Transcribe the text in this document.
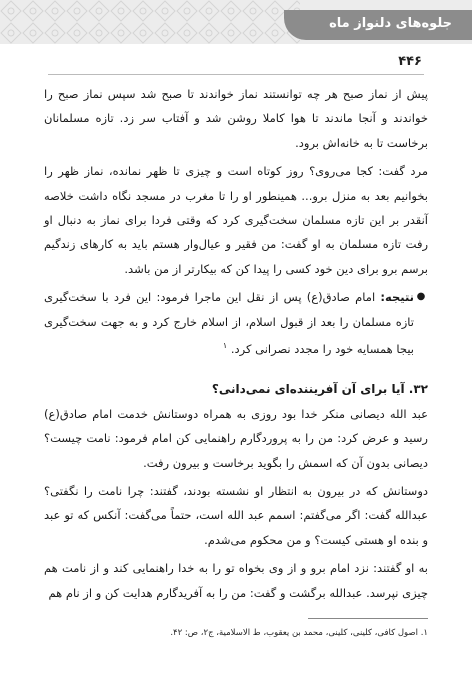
جلوه‌های دلنواز ماه
۴۴۶

پیش از نماز صبح هر چه توانستند نماز خواندند تا صبح شد سپس نماز صبح را خواندند و آنجا ماندند تا هوا کاملا روشن شد و آفتاب سر زد. تازه مسلمانان برخاست تا به خانه‌اش برود.

مرد گفت: کجا می‌روی؟ روز کوتاه است و چیزی تا ظهر نمانده، نماز ظهر را بخوانیم بعد به منزل برو... همینطور او را تا مغرب در مسجد نگاه داشت خلاصه آنقدر بر این تازه مسلمان سخت‌گیری کرد که وقتی فردا برای نماز به دنبال او رفت تازه مسلمان به او گفت: من فقیر و عیال‌وار هستم باید به کارهای زندگیم برسم برو برای دین خود کسی را پیدا کن که بیکارتر از من باشد.

●

نتیجه: امام صادق(ع) پس از نقل این ماجرا فرمود: این فرد با سخت‌گیری تازه مسلمان را بعد از قبول اسلام، از اسلام خارج کرد و به جهت سخت‌گیری بیجا همسایه خود را مجدد نصرانی کرد. $^۱$

۳۲. آیا برای آن آفریننده‌ای نمی‌دانی؟

عبد الله دیصانی منکر خدا بود روزی به همراه دوستانش خدمت امام صادق(ع) رسید و عرض کرد: من را به پروردگارم راهنمایی کن امام فرمود: نامت چیست؟ دیصانی بدون آن که اسمش را بگوید برخاست و بیرون رفت.

دوستانش که در بیرون به انتظار او نشسته بودند، گفتند: چرا نامت را نگفتی؟ عبدالله گفت: اگر می‌گفتم: اسمم عبد الله است، حتماً می‌گفت: آنکس که تو عبد و بنده او هستی کیست؟ و من محکوم می‌شدم.

به او گفتند: نزد امام برو و از وی بخواه تو را به خدا راهنمایی کند و از نامت هم چیزی نپرسد. عبدالله برگشت و گفت: من را به آفریدگارم هدایت کن و از نام هم

۱. اصول کافی، کلینی، کلینی، محمد بن یعقوب، ط الاسلامیة، ج۲، ص: ۴۲.
